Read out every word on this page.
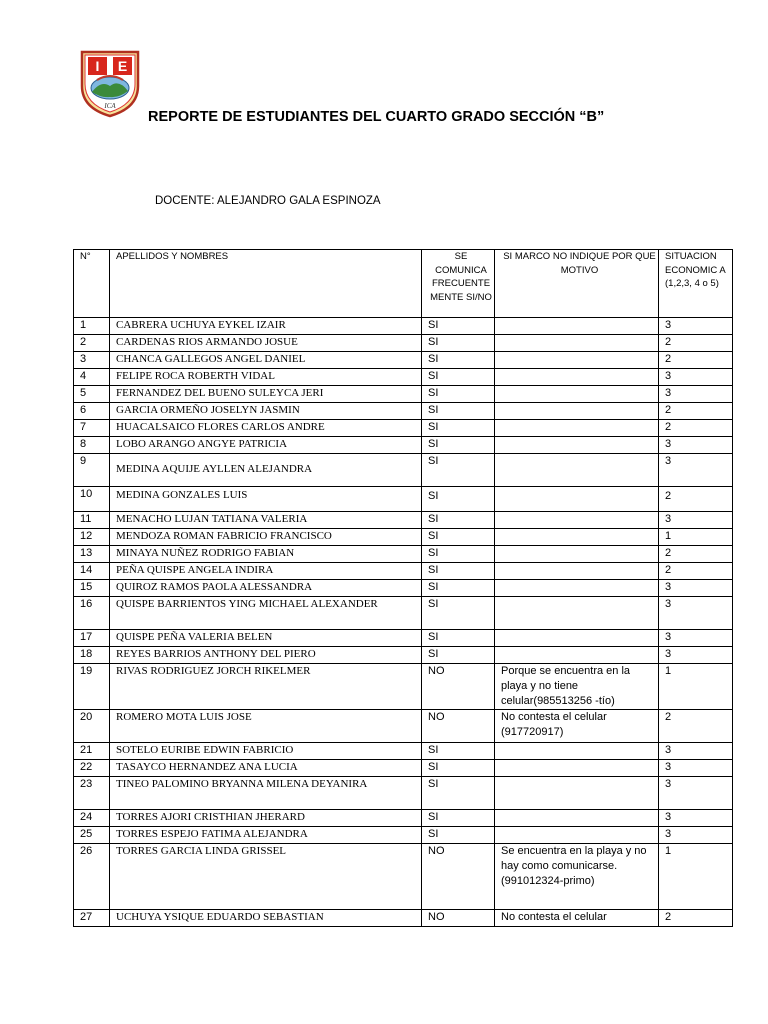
I E
ICA
REPORTE DE ESTUDIANTES DEL CUARTO GRADO SECCIÓN “B”
DOCENTE: ALEJANDRO GALA ESPINOZA
N°	APELLIDOS Y NOMBRES	SE COMUNICA FRECUENTE MENTE SI/NO	SI MARCO NO INDIQUE POR QUE MOTIVO	SITUACION ECONOMIC A (1,2,3, 4 o 5)
1	CABRERA UCHUYA EYKEL IZAIR	SI		3
2	CARDENAS RIOS ARMANDO JOSUE	SI		2
3	CHANCA GALLEGOS ANGEL DANIEL	SI		2
4	FELIPE ROCA ROBERTH VIDAL	SI		3
5	FERNANDEZ DEL BUENO SULEYCA JERI	SI		3
6	GARCIA ORMEÑO JOSELYN JASMIN	SI		2
7	HUACALSAICO FLORES CARLOS ANDRE	SI		2
8	LOBO ARANGO ANGYE PATRICIA	SI		3
9	MEDINA AQUIJE AYLLEN ALEJANDRA	SI		3
10	MEDINA GONZALES LUIS	SI		2
11	MENACHO LUJAN TATIANA VALERIA	SI		3
12	MENDOZA ROMAN FABRICIO FRANCISCO	SI		1
13	MINAYA NUÑEZ RODRIGO FABIAN	SI		2
14	PEÑA QUISPE ANGELA INDIRA	SI		2
15	QUIROZ RAMOS PAOLA ALESSANDRA	SI		3
16	QUISPE BARRIENTOS YING MICHAEL ALEXANDER	SI		3
17	QUISPE PEÑA VALERIA BELEN	SI		3
18	REYES BARRIOS ANTHONY DEL PIERO	SI		3
19	RIVAS RODRIGUEZ JORCH RIKELMER	NO	Porque se encuentra en la playa y no tiene celular(985513256 -tío)	1
20	ROMERO MOTA LUIS JOSE	NO	No contesta el celular (917720917)	2
21	SOTELO EURIBE EDWIN FABRICIO	SI		3
22	TASAYCO HERNANDEZ ANA LUCIA	SI		3
23	TINEO PALOMINO BRYANNA MILENA DEYANIRA	SI		3
24	TORRES AJORI CRISTHIAN JHERARD	SI		3
25	TORRES ESPEJO FATIMA ALEJANDRA	SI		3
26	TORRES GARCIA LINDA GRISSEL	NO	Se encuentra en la playa y no hay como comunicarse.(991012324-primo)	1
27	UCHUYA YSIQUE EDUARDO SEBASTIAN	NO	No contesta el celular	2
